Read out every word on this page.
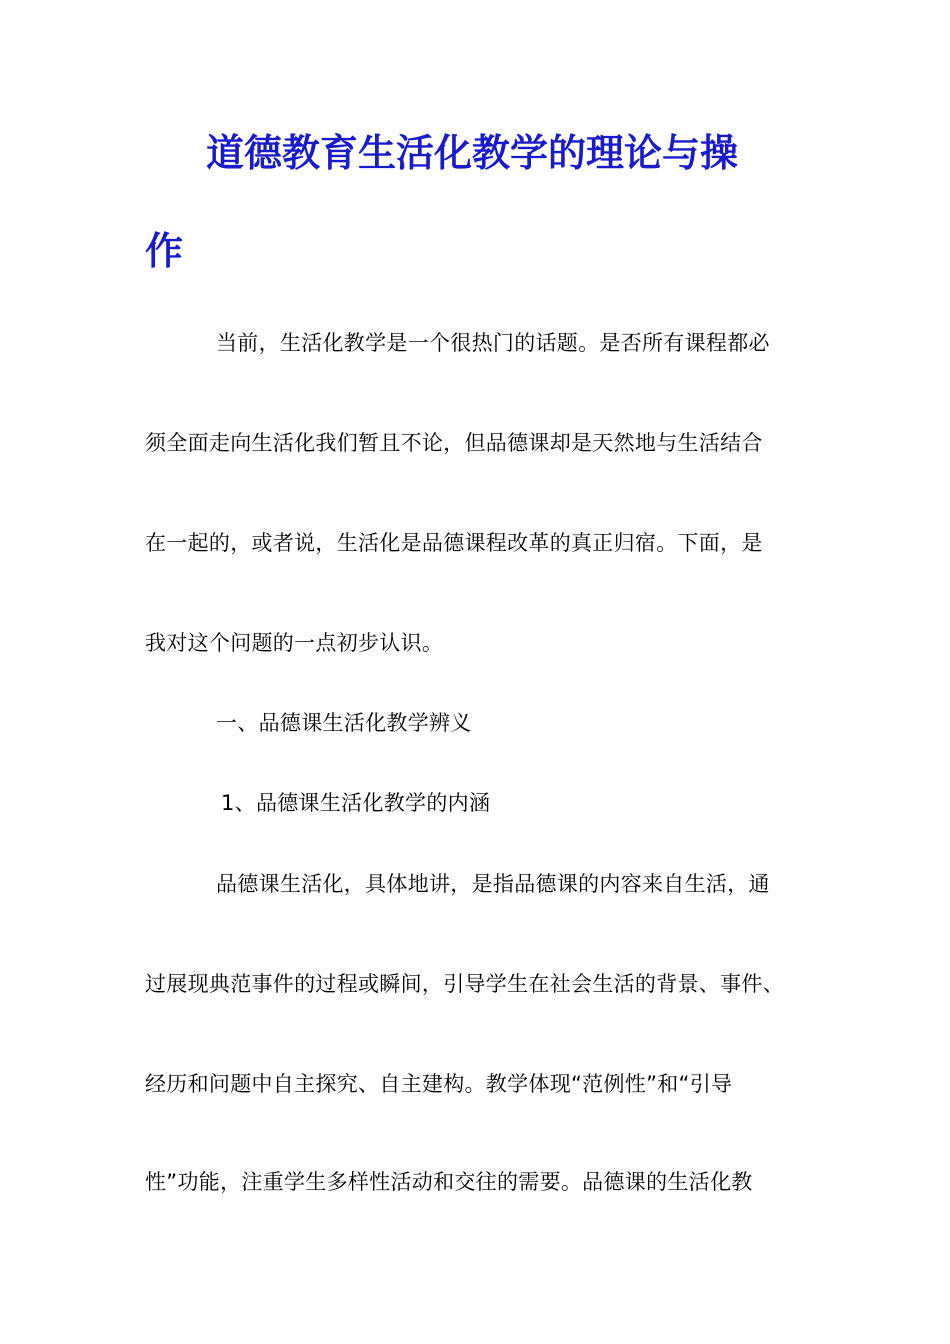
道德教育生活化教学的理论与操
作
当前，生活化教学是一个很热门的话题。是否所有课程都必
须全面走向生活化我们暂且不论，但品德课却是天然地与生活结合
在一起的，或者说，生活化是品德课程改革的真正归宿。下面，是
我对这个问题的一点初步认识。
一、品德课生活化教学辨义
1、品德课生活化教学的内涵
品德课生活化，具体地讲，是指品德课的内容来自生活，通
过展现典范事件的过程或瞬间，引导学生在社会生活的背景、事件、
经历和问题中自主探究、自主建构。教学体现“范例性”和“引导
性”功能，注重学生多样性活动和交往的需要。品德课的生活化教
